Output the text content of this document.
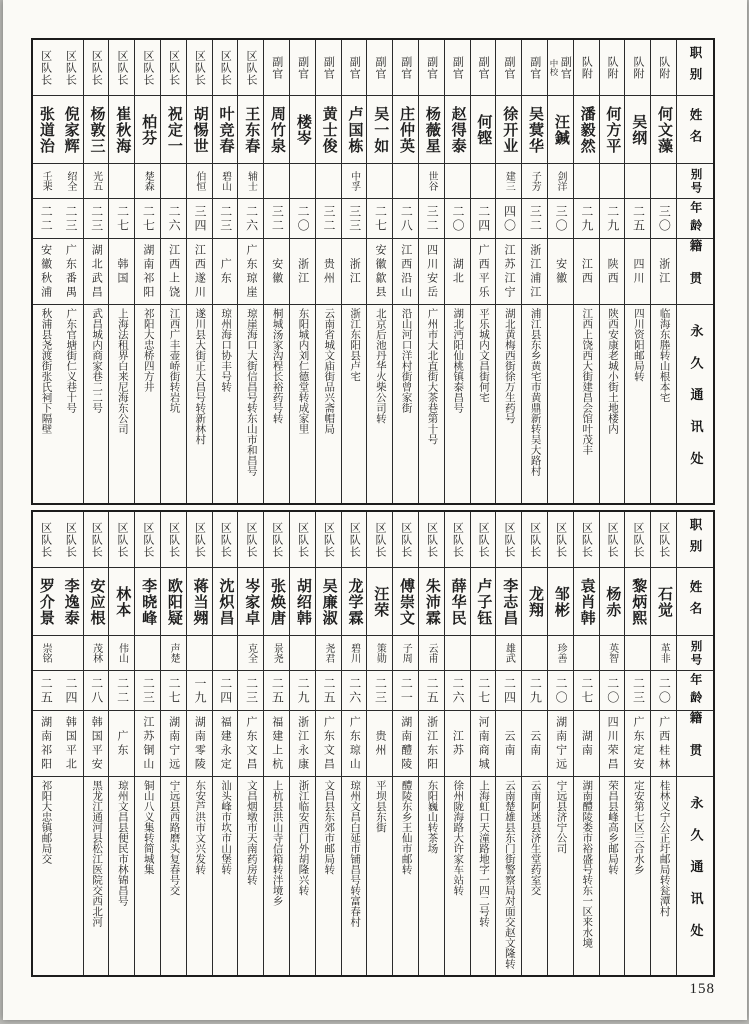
职别
姓名
别号
年龄
籍贯
永久通讯处
队附
何文藻
三〇
浙江
临海东塍转山根本宅
队附
吴纲
二五
四川
四川资阳邮局转
队附
何方平
二九
陕西
陕西安康老城小街土地楼内
队附
潘毅然
二九
江西
江西上饶西大街建昌会馆叶茂丰
副官
中校
汪鍼
剑洋
三〇
安徽
副官
吴蓂华
子芳
三二
浙江浦江
浦江县东乡黄宅市黄鼎新转吴大路村
副官
徐开业
建三
四〇
江苏江宁
湖北黄梅西街徐万生药号
副官
何铿
二四
广西平乐
平乐城内文昌街何宅
副官
赵得泰
二〇
湖北
湖北沔阳仙桃镇泰昌号
副官
杨薇星
世谷
三二
四川安岳
广州市大北直街大茶巷第十号
副官
庄仲英
二八
江西沿山
沿山河口洋村街曾家街
副官
吴一如
二七
安徽歙县
北京后池丹华火柴公司转
副官
卢国栋
中孚
三三
浙江
浙江东阳县卢宅
副官
黄士俊
三二
贵州
云南省城文庙街品兴斋帽局
副官
楼岑
二〇
浙江
东阳城内刘仁德堂转成家里
副官
周竹泉
三二
安徽
桐城汤家沟程长裕药号转
区队长
王东春
辅士
二六
广东琼崖
琼崖海口大街信昌号转东山市和昌号
区队长
叶竞春
碧山
二三
广东
琼州海口协丰号转
区队长
胡惕世
伯恒
三四
江西遂川
遂川县大街正大昌号转新林村
区队长
祝定一
二六
江西上饶
江西广丰壶峤街转岩坑
区队长
柏芬
楚森
二七
湖南祁阳
祁阳大忠桥四方井
区队长
崔秋海
二七
韩国
上海法租界白来尼海东公司
区队长
杨敦三
光五
二三
湖北武昌
武昌城内商家巷二二号
区队长
倪家辉
绍全
二三
广东番禺
广东官塘街仁义巷十号
区队长
张道治
壬棐
二二
安徽秋浦
秋浦县尧渡街张氏祠下隔壁
职别
姓名
别号
年龄
籍贯
永久通讯处
区队长
石觉
革非
二〇
广西桂林
桂林义宁公正圩邮局转瓮潭村
区队长
黎炳熙
二三
广东定安
定安第七区三合水乡
区队长
杨赤
英智
二〇
四川荣昌
荣昌县峰高乡邮局转
区队长
袁肖韩
二七
湖南
湖南醴陵娄市裕盛号转东一区来水境
区队长
邹彬
珍善
二〇
湖南宁远
宁远县济宁公司
区队长
龙翔
二九
云南
云南阿迷县济生堂药室交
区队长
李志昌
雄武
二四
云南
云南楚雄县东门街警察局对面交赵文隆转
区队长
卢子钰
二七
河南商城
上海虹口天潼路地字一四二号转
区队长
薛华民
二六
江苏
徐州陇海路大许家车站转
区队长
朱沛霖
云甫
二五
浙江东阳
东阳巍山转茶场
区队长
傅崇文
子周
二一
湖南醴陵
醴陵东乡王仙市邮转
区队长
汪荣
策勋
二三
贵州
平坝县东街
区队长
龙学霖
碧川
二六
广东琼山
琼州文昌白延市铺昌号转富春村
区队长
吴廉淑
尧君
二五
广东文昌
文昌县东郊市邮局转
区队长
胡绍韩
二九
浙江永康
浙江临安西门外胡隆兴转
区队长
张焕唐
景尧
二五
福建上杭
上杭县洪山寺信箱转泮境乡
区队长
岑家卓
克全
二三
广东文昌
文昌烟墩市天南药房转
区队长
沈炽昌
二四
福建永定
汕头峰市坎市山堡转
区队长
蒋当翙
一九
湖南零陵
东安芦洪市文兴发转
区队长
欧阳疑
声楚
二七
湖南宁远
宁远县西路磨头复春号交
区队长
李晓峰
二三
江苏铜山
铜山八义集转简城集
区队长
林本
伟山
二二
广东
琼州文昌县便民市林锦昌号
区队长
安应根
茂林
二八
韩国平安
黑龙江通河县松江医院交西北河
区队长
李逸泰
二四
韩国平北
区队长
罗介景
崇铭
二五
湖南祁阳
祁阳大忠镇邮局交
158
